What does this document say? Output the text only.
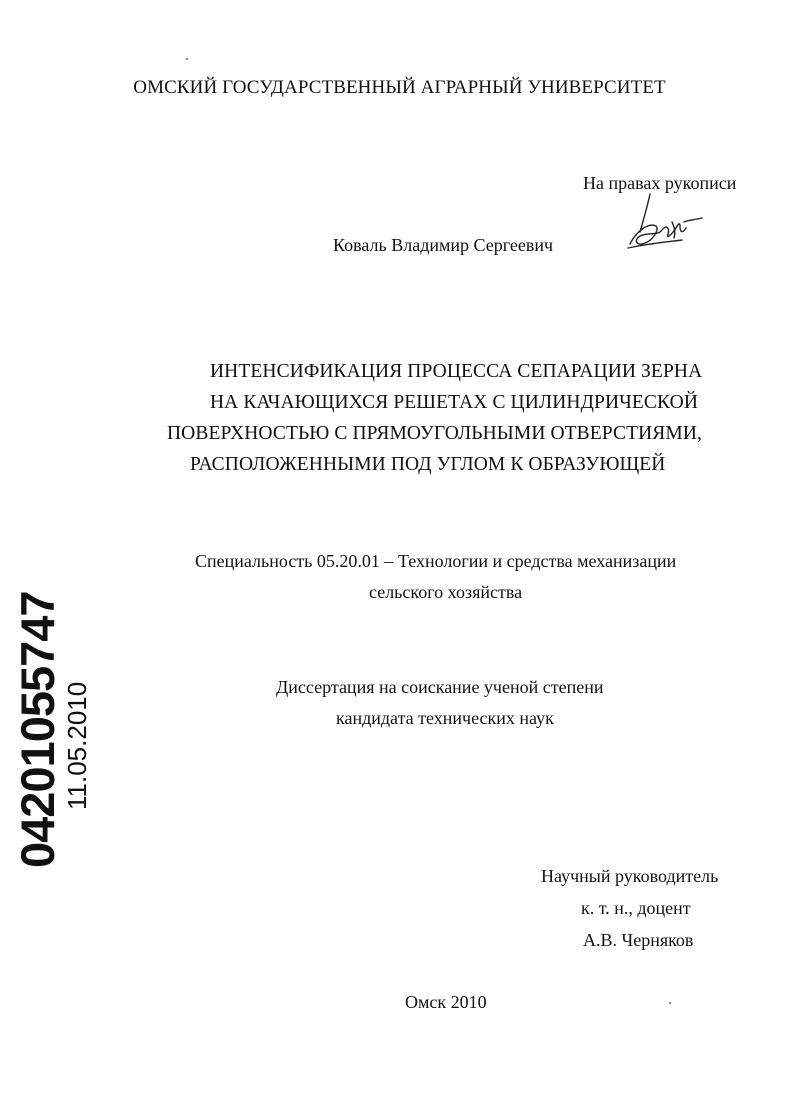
ОМСКИЙ ГОСУДАРСТВЕННЫЙ АГРАРНЫЙ УНИВЕРСИТЕТ
На правах рукописи
Коваль Владимир Сергеевич
ИНТЕНСИФИКАЦИЯ ПРОЦЕССА СЕПАРАЦИИ ЗЕРНА
НА КАЧАЮЩИХСЯ РЕШЕТАХ С ЦИЛИНДРИЧЕСКОЙ
ПОВЕРХНОСТЬЮ С ПРЯМОУГОЛЬНЫМИ ОТВЕРСТИЯМИ,
РАСПОЛОЖЕННЫМИ ПОД УГЛОМ К ОБРАЗУЮЩЕЙ
Специальность 05.20.01 – Технологии и средства механизации
сельского хозяйства
Диссертация на соискание ученой степени
кандидата технических наук
Научный руководитель
к. т. н., доцент
А.В. Черняков
Омск 2010
04201055747
11.05.2010
